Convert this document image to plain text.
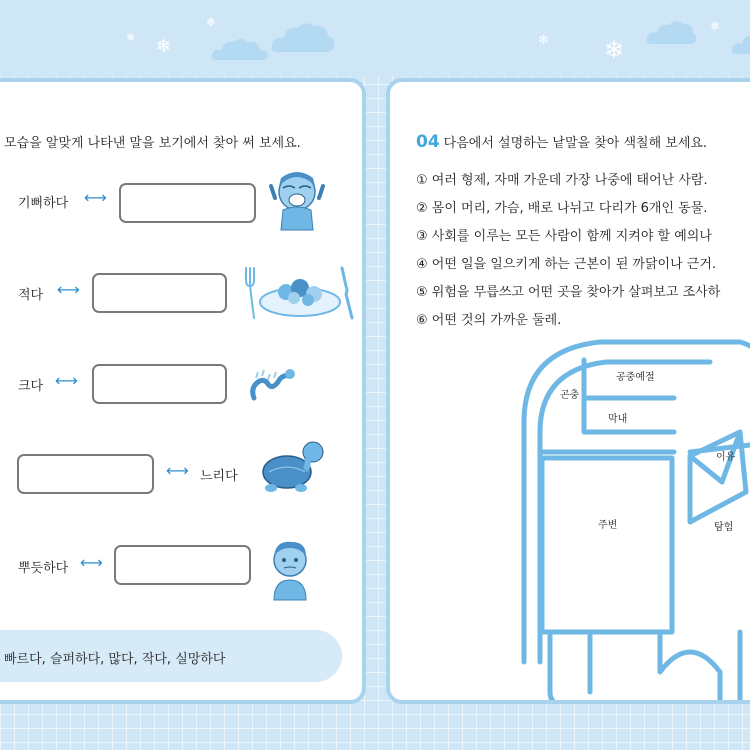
❄ ❄
❄
❄ ❄
❄
모습을 알맞게 나타낸 말을 보기에서 찾아 써 보세요.
기뻐하다 ⟷
적다 ⟷
크다 ⟷
⟷ 느리다
뿌듯하다 ⟷
빠르다, 슬퍼하다, 많다, 작다, 실망하다
04 다음에서 설명하는 낱말을 찾아 색칠해 보세요.
① 여러 형제, 자매 가운데 가장 나중에 태어난 사람.
② 몸이 머리, 가슴, 배로 나뉘고 다리가 6개인 동물.
③ 사회를 이루는 모든 사람이 함께 지켜야 할 예의나
④ 어떤 일을 일으키게 하는 근본이 된 까닭이나 근거.
⑤ 위험을 무릅쓰고 어떤 곳을 찾아가 살펴보고 조사하
⑥ 어떤 것의 가까운 둘레.
공중예절
곤충
막내
이유
주변	탐험
